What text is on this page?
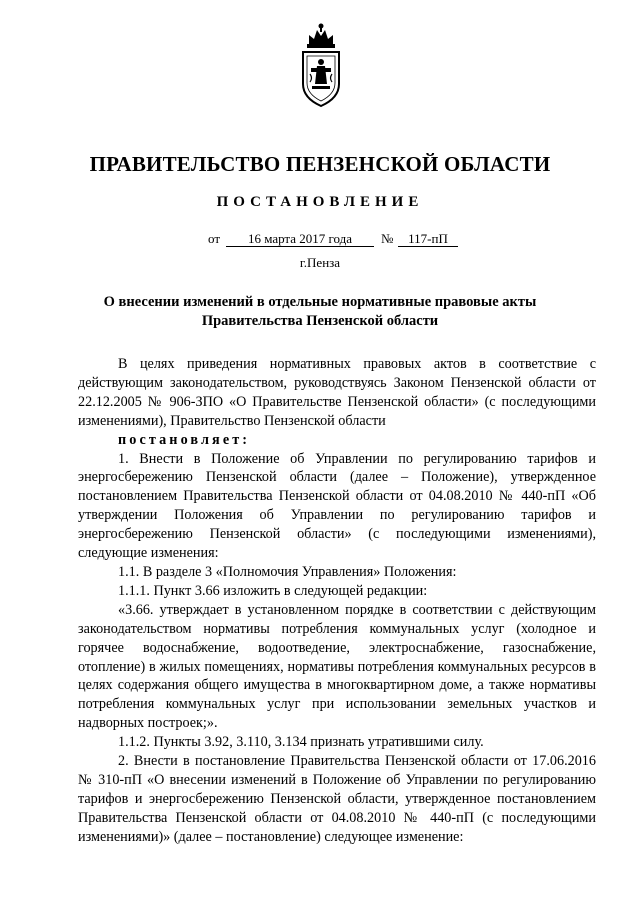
ПРАВИТЕЛЬСТВО ПЕНЗЕНСКОЙ ОБЛАСТИ
ПОСТАНОВЛЕНИЕ
от	16 марта 2017 года	№	117-пП
г.Пенза
О внесении изменений в отдельные нормативные правовые акты
Правительства Пензенской области

В целях приведения нормативных правовых актов в соответствие с действующим законодательством, руководствуясь Законом Пензенской области от 22.12.2005 № 906-ЗПО «О Правительстве Пензенской области» (с последующими изменениями), Правительство Пензенской области

постановляет:

1. Внести в Положение об Управлении по регулированию тарифов и энергосбережению Пензенской области (далее – Положение), утвержденное постановлением Правительства Пензенской области от 04.08.2010 № 440-пП «Об утверждении Положения об Управлении по регулированию тарифов и энергосбережению Пензенской области» (с последующими изменениями), следующие изменения:

1.1. В разделе 3 «Полномочия Управления» Положения:

1.1.1. Пункт 3.66 изложить в следующей редакции:

«3.66. утверждает в установленном порядке в соответствии с действующим законодательством нормативы потребления коммунальных услуг (холодное и горячее водоснабжение, водоотведение, электроснабжение, газоснабжение, отопление) в жилых помещениях, нормативы потребления коммунальных ресурсов в целях содержания общего имущества в многоквартирном доме, а также нормативы потребления коммунальных услуг при использовании земельных участков и надворных построек;».

1.1.2. Пункты 3.92, 3.110, 3.134 признать утратившими силу.

2. Внести в постановление Правительства Пензенской области от 17.06.2016 № 310-пП «О внесении изменений в Положение об Управлении по регулированию тарифов и энергосбережению Пензенской области, утвержденное постановлением Правительства Пензенской области от 04.08.2010 № 440-пП (с последующими изменениями)» (далее – постановление) следующее изменение:
